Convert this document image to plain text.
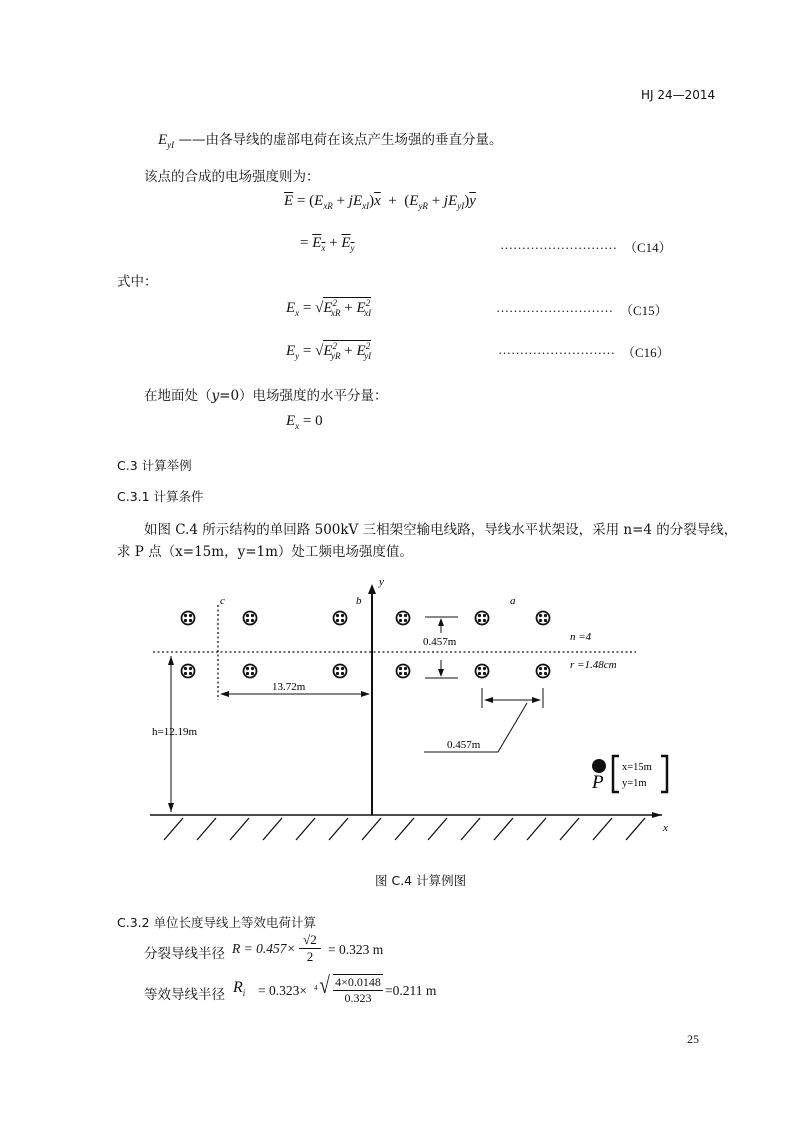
HJ 24—2014
$E_{yI}$ ——由各导线的虚部电荷在该点产生场强的垂直分量。
该点的合成的电场强度则为：
$\overline{E} = (E_{xR} + jE_{xI})\overline{x} + (E_{yR} + jE_{yI})\overline{y}$
= $E_x + E_y$	……………………… （C14）
式中：
$E_x = √E^2_{xR} + E^2_{xI}$	……………………… （C15）
$E_y = √E^2_{yR} + E^2_{yI}$	……………………… （C16）
在地面处（y=0）电场强度的水平分量：
$E_x = 0$
C.3 计算举例
C.3.1 计算条件
如图 C.4 所示结构的单回路 500kV 三相架空输电线路，导线水平状架设，采用 n=4 的分裂导线，
求 P 点（x=15m，y=1m）处工频电场强度值。
c	b	a
y
x
0.457m
0.457m
13.72m
h=12.19m
n =4
r =1.48cm
P
x=15m
y=1m
图 C.4 计算例图
C.3.2 单位长度导线上等效电荷计算
分裂导线半径 $R = 0.457\times \frac{√2}{2} = 0.323$ m
等效导线半径 $R_i = 0.323\times 4$ √ $\frac{4\times 0.0148}{0.323} =0.211$ m
25
